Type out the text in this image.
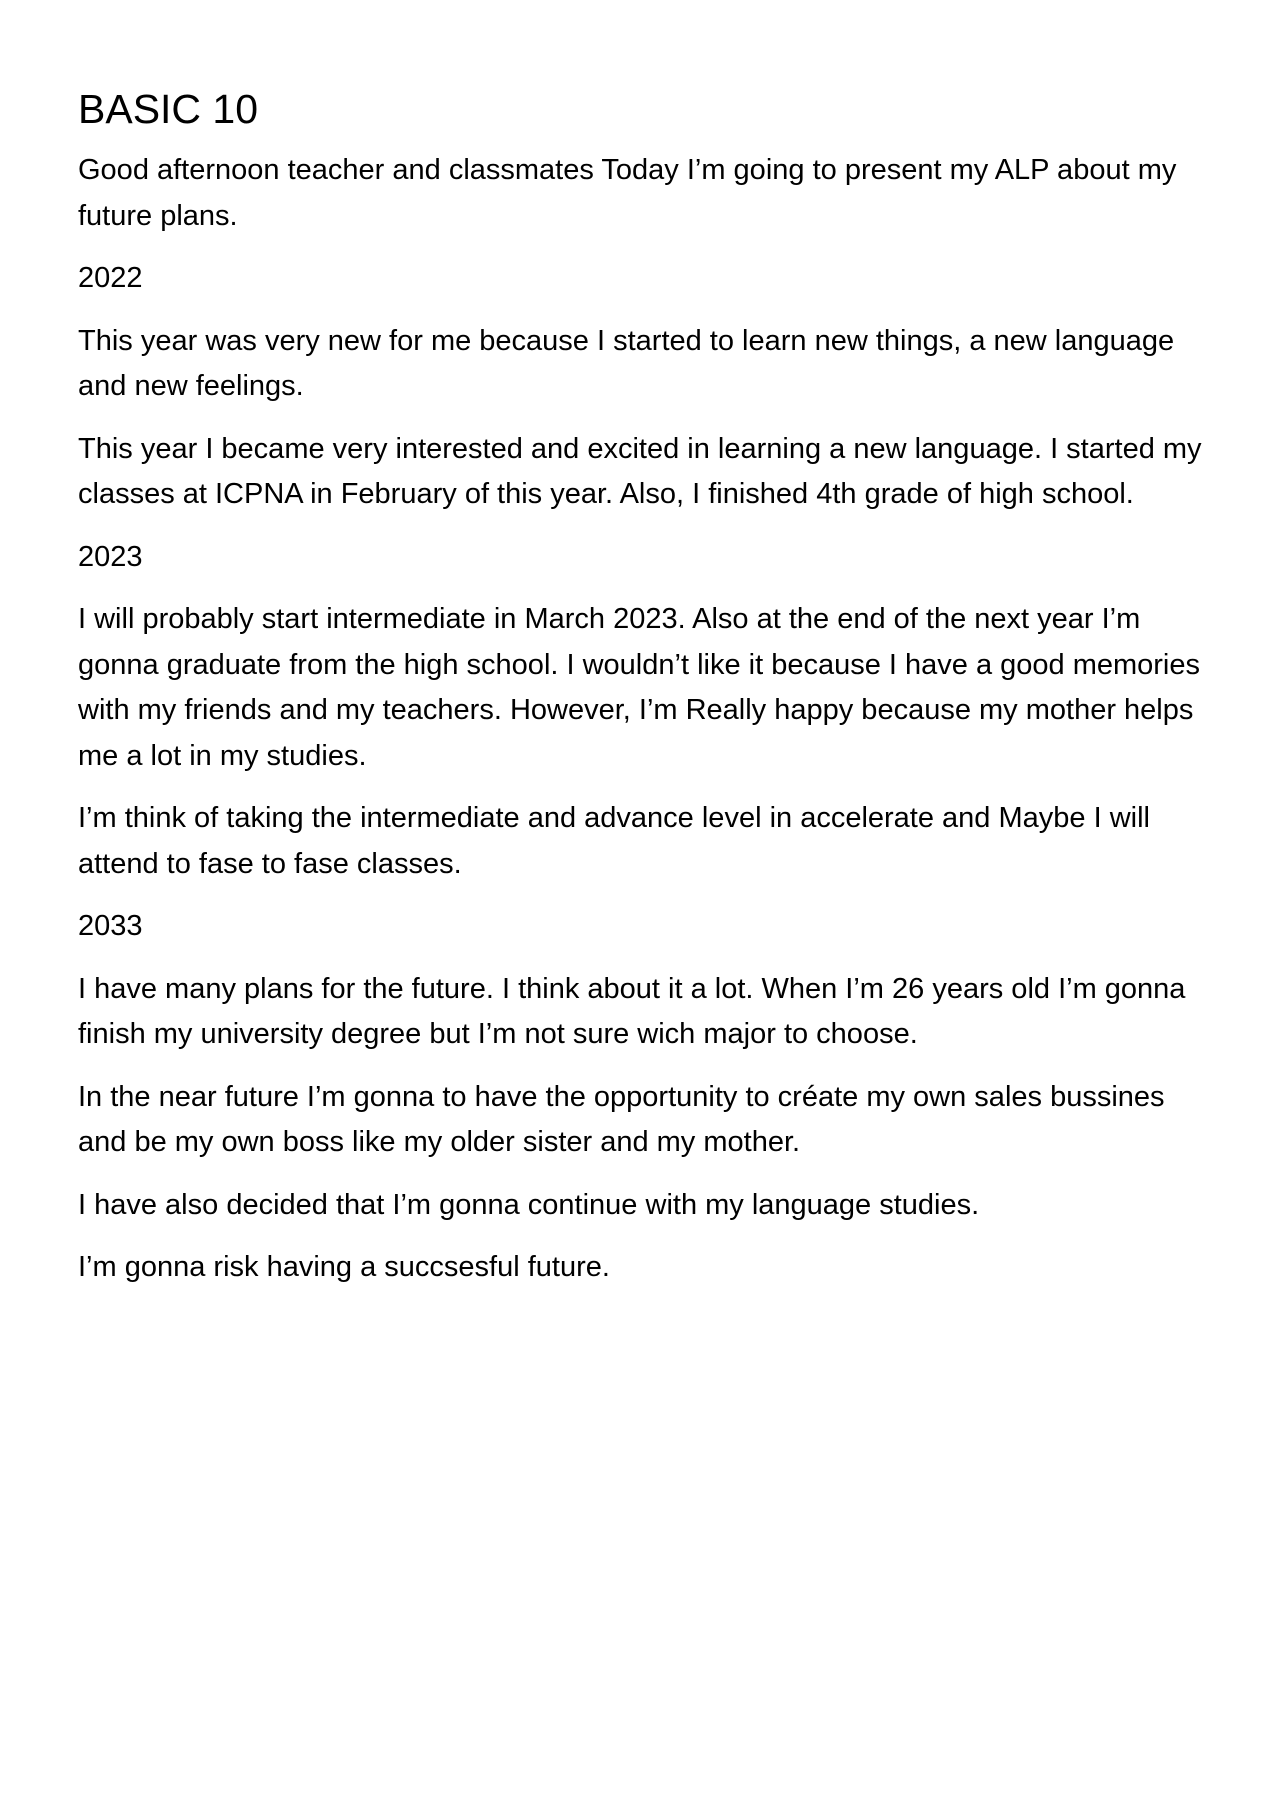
BASIC 10

Good afternoon teacher and classmates Today I’m going to present my ALP about my future plans.

2022

This year was very new for me because I started to learn new things, a new language and new feelings.

This year I became very interested and excited in learning a new language. I started my classes at ICPNA in February of this year. Also, I finished 4th grade of high school.

2023

I will probably start intermediate in March 2023. Also at the end of the next year I’m gonna graduate from the high school. I wouldn’t like it because I have a good memories with my friends and my teachers. However, I’m Really happy because my mother helps me a lot in my studies.

I’m think of taking the intermediate and advance level in accelerate and Maybe I will attend to fase to fase classes.

2033

I have many plans for the future. I think about it a lot. When I’m 26 years old I’m gonna finish my university degree but I’m not sure wich major to choose.

In the near future I’m gonna to have the opportunity to créate my own sales bussines and be my own boss like my older sister and my mother.

I have also decided that I’m gonna continue with my language studies.

I’m gonna risk having a succsesful future.
